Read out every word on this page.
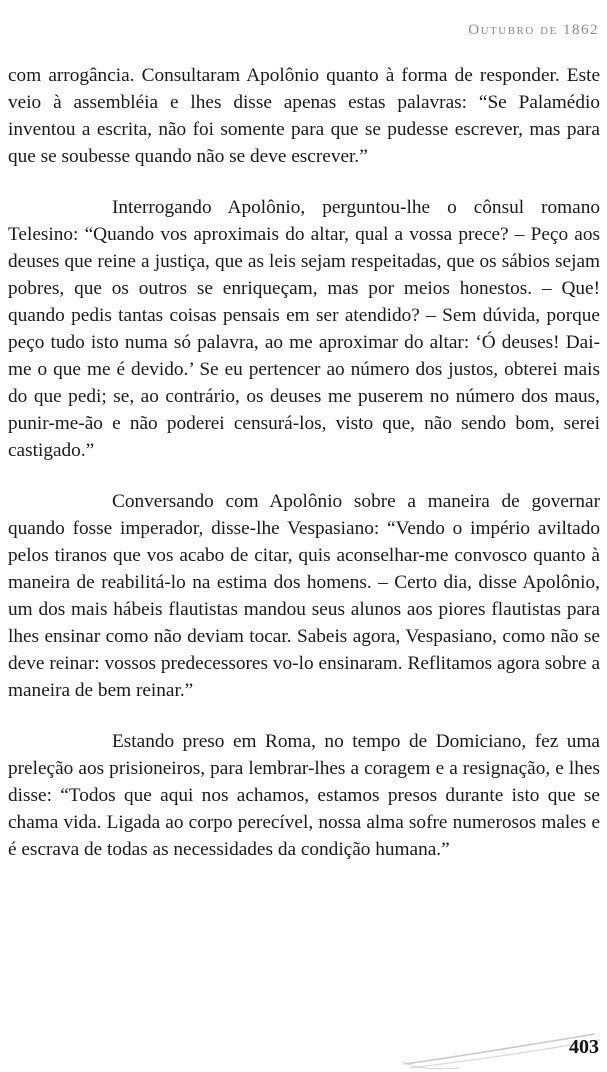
Outubro de 1862

com arrogância. Consultaram Apolônio quanto à forma de responder. Este veio à assembléia e lhes disse apenas estas palavras: “Se Palamédio inventou a escrita, não foi somente para que se pudesse escrever, mas para que se soubesse quando não se deve escrever.”

Interrogando Apolônio, perguntou-lhe o cônsul romano Telesino: “Quando vos aproximais do altar, qual a vossa prece? – Peço aos deuses que reine a justiça, que as leis sejam respeitadas, que os sábios sejam pobres, que os outros se enriqueçam, mas por meios honestos. – Que! quando pedis tantas coisas pensais em ser atendido? – Sem dúvida, porque peço tudo isto numa só palavra, ao me aproximar do altar: ‘Ó deuses! Dai-me o que me é devido.’ Se eu pertencer ao número dos justos, obterei mais do que pedi; se, ao contrário, os deuses me puserem no número dos maus, punir-me-ão e não poderei censurá-los, visto que, não sendo bom, serei castigado.”

Conversando com Apolônio sobre a maneira de governar quando fosse imperador, disse-lhe Vespasiano: “Vendo o império aviltado pelos tiranos que vos acabo de citar, quis aconselhar-me convosco quanto à maneira de reabilitá-lo na estima dos homens. – Certo dia, disse Apolônio, um dos mais hábeis flautistas mandou seus alunos aos piores flautistas para lhes ensinar como não deviam tocar. Sabeis agora, Vespasiano, como não se deve reinar: vossos predecessores vo-lo ensinaram. Reflitamos agora sobre a maneira de bem reinar.”

Estando preso em Roma, no tempo de Domiciano, fez uma preleção aos prisioneiros, para lembrar-lhes a coragem e a resignação, e lhes disse: “Todos que aqui nos achamos, estamos presos durante isto que se chama vida. Ligada ao corpo perecível, nossa alma sofre numerosos males e é escrava de todas as necessidades da condição humana.”

403
